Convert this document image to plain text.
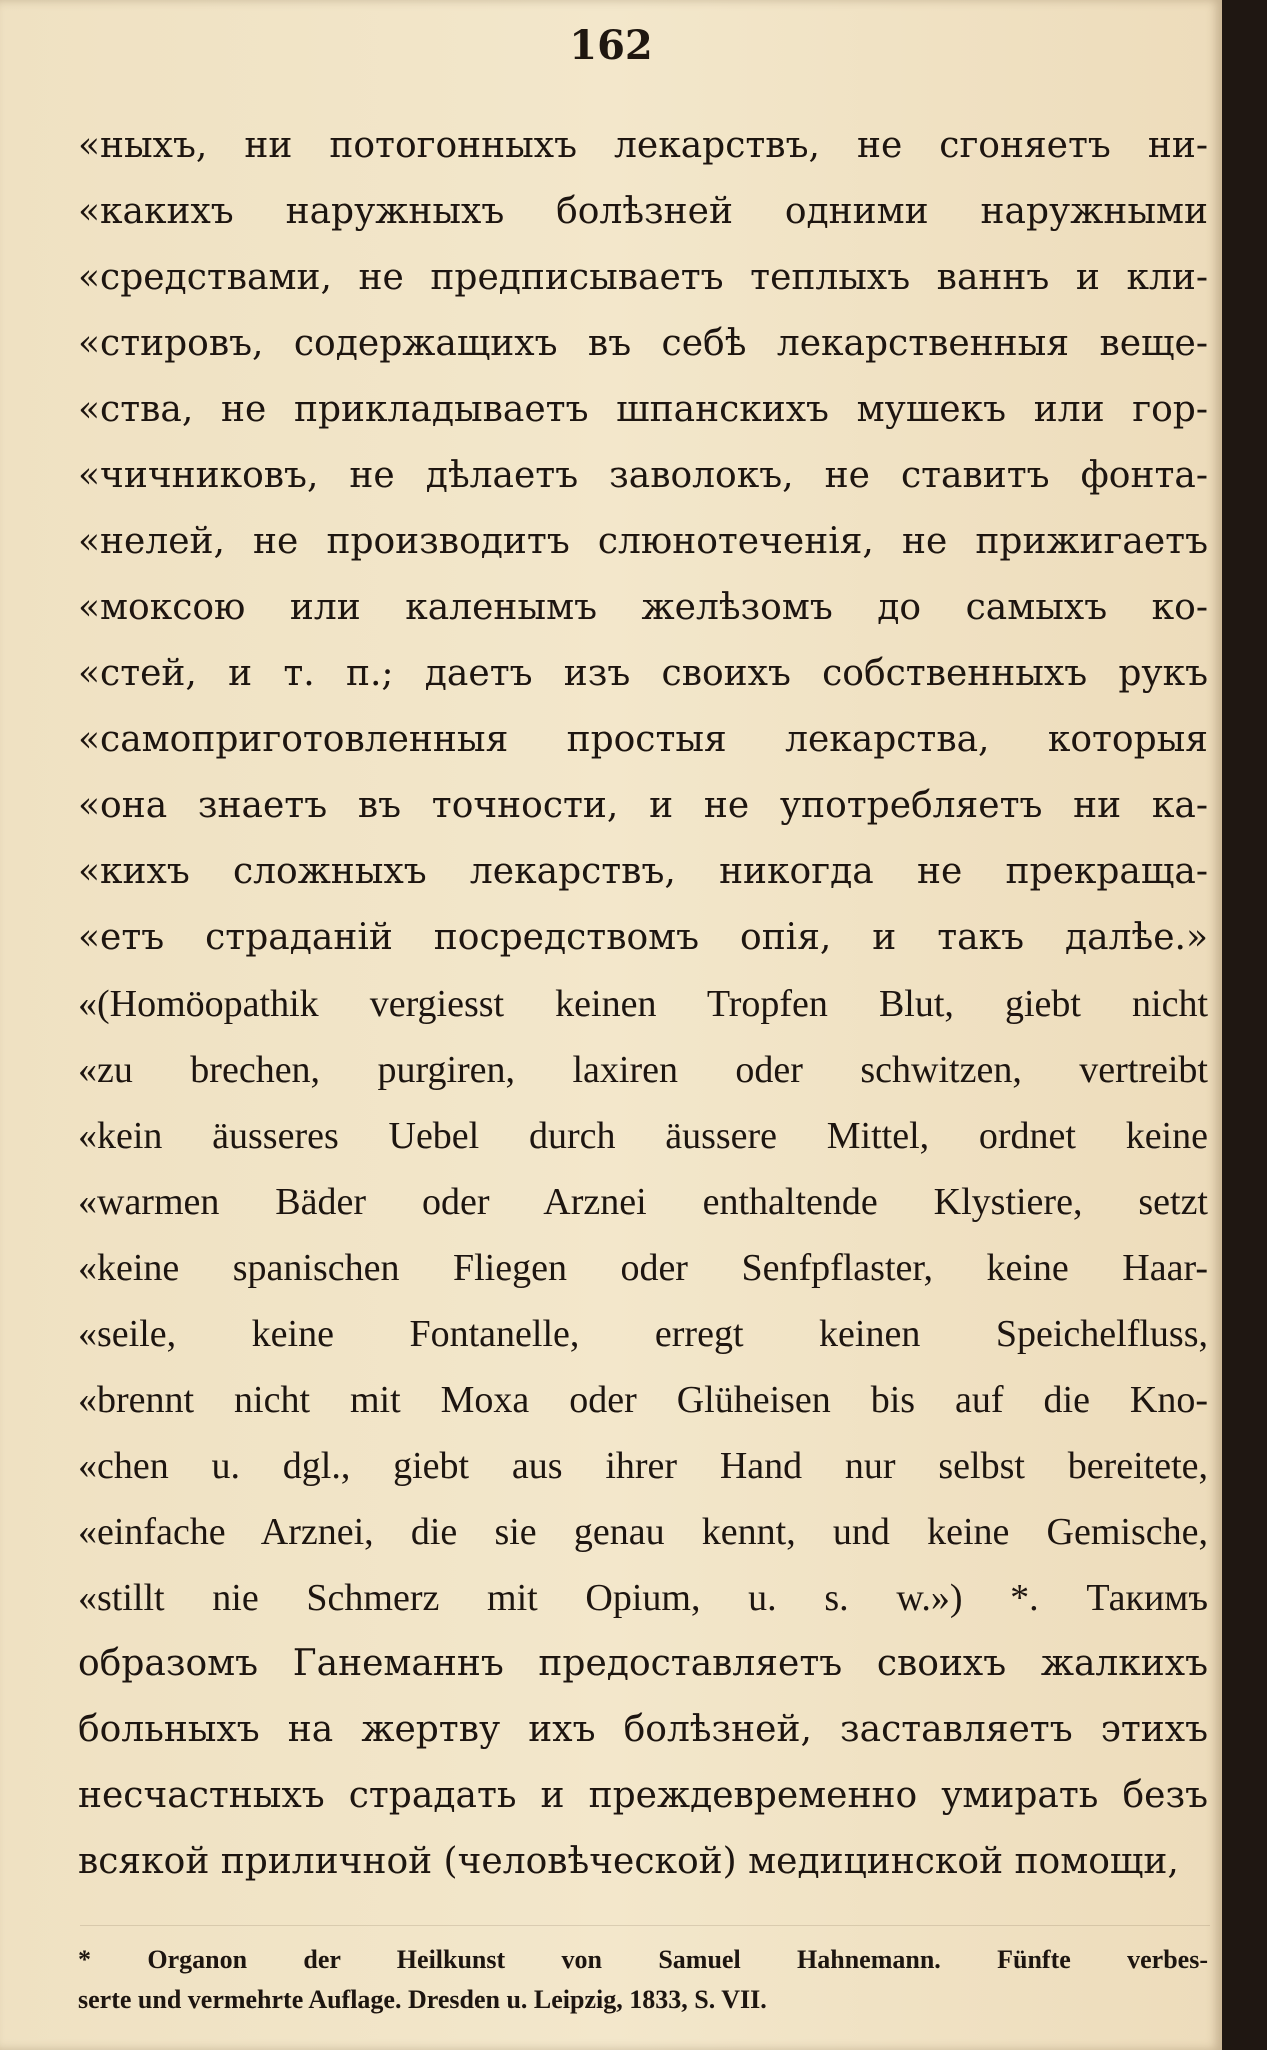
162
«ныхъ, ни потогонныхъ лекарствъ, не сгоняетъ ни-
«какихъ наружныхъ болѣзней одними наружными
«средствами, не предписываетъ теплыхъ ваннъ и кли-
«стировъ, содержащихъ въ себѣ лекарственныя веще-
«ства, не прикладываетъ шпанскихъ мушекъ или гор-
«чичниковъ, не дѣлаетъ заволокъ, не ставитъ фонта-
«нелей, не производитъ слюнотеченія, не прижигаетъ
«моксою или каленымъ желѣзомъ до самыхъ ко-
«стей, и т. п.; даетъ изъ своихъ собственныхъ рукъ
«самоприготовленныя простыя лекарства, которыя
«она знаетъ въ точности, и не употребляетъ ни ка-
«кихъ сложныхъ лекарствъ, никогда не прекраща-
«етъ страданій посредствомъ опія, и такъ далѣе.»
«(Homöopathik vergiesst keinen Tropfen Blut, giebt nicht
«zu brechen, purgiren, laxiren oder schwitzen, vertreibt
«kein äusseres Uebel durch äussere Mittel, ordnet keine
«warmen Bäder oder Arznei enthaltende Klystiere, setzt
«keine spanischen Fliegen oder Senfpflaster, keine Haar-
«seile, keine Fontanelle, erregt keinen Speichelfluss,
«brennt nicht mit Moxa oder Glüheisen bis auf die Kno-
«chen u. dgl., giebt aus ihrer Hand nur selbst bereitete,
«einfache Arznei, die sie genau kennt, und keine Gemische,
«stillt nie Schmerz mit Opium, u. s. w.») *. Такимъ
образомъ Ганеманнъ предоставляетъ своихъ жалкихъ
больныхъ на жертву ихъ болѣзней, заставляетъ этихъ
несчастныхъ страдать и преждевременно умирать безъ
всякой приличной (человѣческой) медицинской помощи,
* Organon der Heilkunst von Samuel Hahnemann. Fünfte verbes-
serte und vermehrte Auflage. Dresden u. Leipzig, 1833, S. VII.
